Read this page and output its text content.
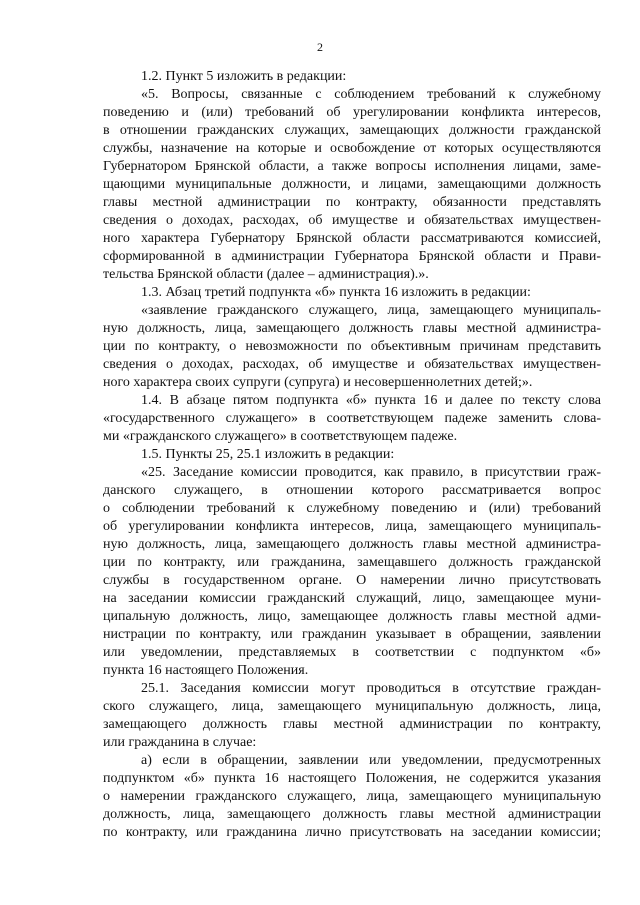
2
1.2. Пункт 5 изложить в редакции:
«5. Вопросы, связанные с соблюдением требований к служебному
поведению и (или) требований об урегулировании конфликта интересов,
в отношении гражданских служащих, замещающих должности гражданской
службы, назначение на которые и освобождение от которых осуществляются
Губернатором Брянской области, а также вопросы исполнения лицами, заме-
щающими муниципальные должности, и лицами, замещающими должность
главы местной администрации по контракту, обязанности представлять
сведения о доходах, расходах, об имуществе и обязательствах имуществен-
ного характера Губернатору Брянской области рассматриваются комиссией,
сформированной в администрации Губернатора Брянской области и Прави-
тельства Брянской области (далее – администрация).».
1.3. Абзац третий подпункта «б» пункта 16 изложить в редакции:
«заявление гражданского служащего, лица, замещающего муниципаль-
ную должность, лица, замещающего должность главы местной администра-
ции по контракту, о невозможности по объективным причинам представить
сведения о доходах, расходах, об имуществе и обязательствах имуществен-
ного характера своих супруги (супруга) и несовершеннолетних детей;».
1.4. В абзаце пятом подпункта «б» пункта 16 и далее по тексту слова
«государственного служащего» в соответствующем падеже заменить слова-
ми «гражданского служащего» в соответствующем падеже.
1.5. Пункты 25, 25.1 изложить в редакции:
«25. Заседание комиссии проводится, как правило, в присутствии граж-
данского служащего, в отношении которого рассматривается вопрос
о соблюдении требований к служебному поведению и (или) требований
об урегулировании конфликта интересов, лица, замещающего муниципаль-
ную должность, лица, замещающего должность главы местной администра-
ции по контракту, или гражданина, замещавшего должность гражданской
службы в государственном органе. О намерении лично присутствовать
на заседании комиссии гражданский служащий, лицо, замещающее муни-
ципальную должность, лицо, замещающее должность главы местной адми-
нистрации по контракту, или гражданин указывает в обращении, заявлении
или уведомлении, представляемых в соответствии с подпунктом «б»
пункта 16 настоящего Положения.
25.1. Заседания комиссии могут проводиться в отсутствие граждан-
ского служащего, лица, замещающего муниципальную должность, лица,
замещающего должность главы местной администрации по контракту,
или гражданина в случае:
а) если в обращении, заявлении или уведомлении, предусмотренных
подпунктом «б» пункта 16 настоящего Положения, не содержится указания
о намерении гражданского служащего, лица, замещающего муниципальную
должность, лица, замещающего должность главы местной администрации
по контракту, или гражданина лично присутствовать на заседании комиссии;
